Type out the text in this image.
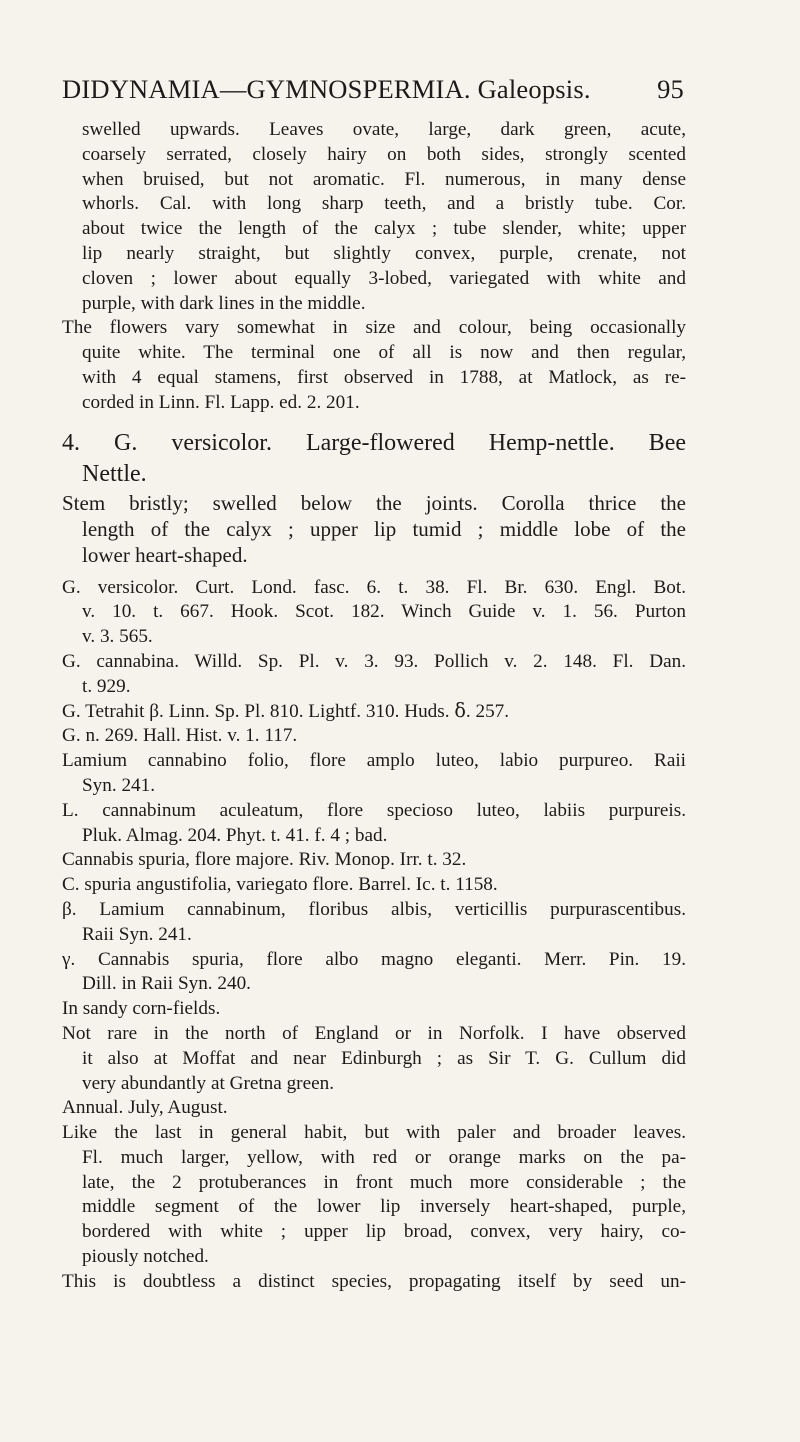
DIDYNAMIA—GYMNOSPERMIA. Galeopsis.	95
swelled upwards. Leaves ovate, large, dark green, acute,
coarsely serrated, closely hairy on both sides, strongly scented
when bruised, but not aromatic. Fl. numerous, in many dense
whorls. Cal. with long sharp teeth, and a bristly tube. Cor.
about twice the length of the calyx ; tube slender, white; upper
lip nearly straight, but slightly convex, purple, crenate, not
cloven ; lower about equally 3-lobed, variegated with white and
purple, with dark lines in the middle.
The flowers vary somewhat in size and colour, being occasionally
quite white. The terminal one of all is now and then regular,
with 4 equal stamens, first observed in 1788, at Matlock, as re-
corded in Linn. Fl. Lapp. ed. 2. 201.
4. G. versicolor. Large-flowered Hemp-nettle. Bee
Nettle.
Stem bristly; swelled below the joints. Corolla thrice the
length of the calyx ; upper lip tumid ; middle lobe of the
lower heart-shaped.
G. versicolor. Curt. Lond. fasc. 6. t. 38. Fl. Br. 630. Engl. Bot.
v. 10. t. 667. Hook. Scot. 182. Winch Guide v. 1. 56. Purton
v. 3. 565.
G. cannabina. Willd. Sp. Pl. v. 3. 93. Pollich v. 2. 148. Fl. Dan.
t. 929.
G. Tetrahit β. Linn. Sp. Pl. 810. Lightf. 310. Huds. ẟ. 257.
G. n. 269. Hall. Hist. v. 1. 117.
Lamium cannabino folio, flore amplo luteo, labio purpureo. Raii
Syn. 241.
L. cannabinum aculeatum, flore specioso luteo, labiis purpureis.
Pluk. Almag. 204. Phyt. t. 41. f. 4 ; bad.
Cannabis spuria, flore majore. Riv. Monop. Irr. t. 32.
C. spuria angustifolia, variegato flore. Barrel. Ic. t. 1158.
β. Lamium cannabinum, floribus albis, verticillis purpurascentibus.
Raii Syn. 241.
γ. Cannabis spuria, flore albo magno eleganti. Merr. Pin. 19.
Dill. in Raii Syn. 240.
In sandy corn-fields.
Not rare in the north of England or in Norfolk. I have observed
it also at Moffat and near Edinburgh ; as Sir T. G. Cullum did
very abundantly at Gretna green.
Annual. July, August.
Like the last in general habit, but with paler and broader leaves.
Fl. much larger, yellow, with red or orange marks on the pa-
late, the 2 protuberances in front much more considerable ; the
middle segment of the lower lip inversely heart-shaped, purple,
bordered with white ; upper lip broad, convex, very hairy, co-
piously notched.
This is doubtless a distinct species, propagating itself by seed un-
